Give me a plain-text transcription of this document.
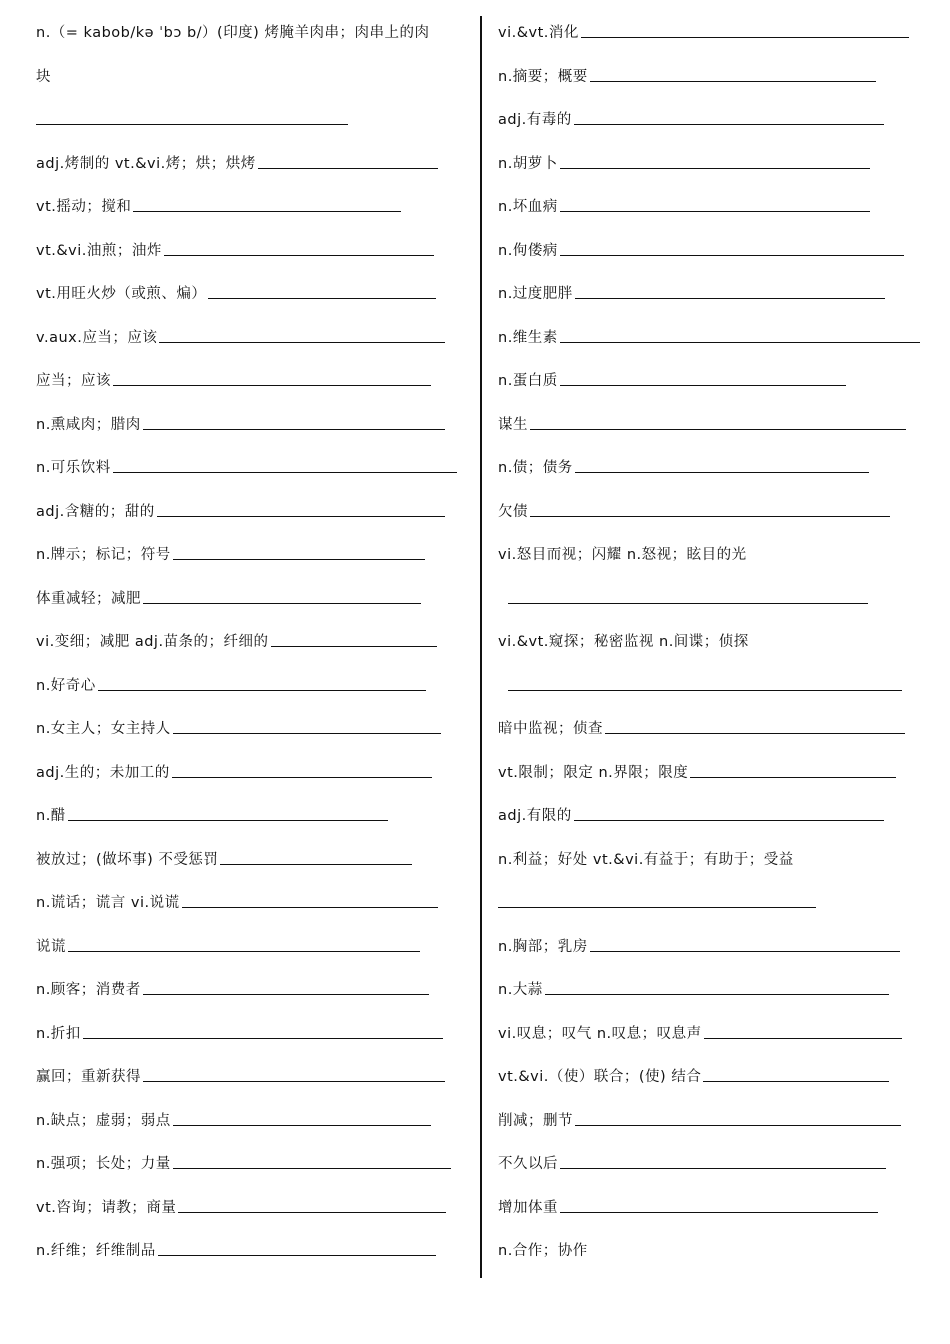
n.（= kabob/kə ˈbɔ b/）(印度) 烤腌羊肉串；肉串上的肉
块
adj.烤制的 vt.&vi.烤；烘；烘烤
vt.摇动；搅和
vt.&vi.油煎；油炸
vt.用旺火炒（或煎、煸）
v.aux.应当；应该
应当；应该
n.熏咸肉；腊肉
n.可乐饮料
adj.含糖的；甜的
n.牌示；标记；符号
体重减轻；减肥
vi.变细；减肥 adj.苗条的；纤细的
n.好奇心
n.女主人；女主持人
adj.生的；未加工的
n.醋
被放过；(做坏事) 不受惩罚
n.谎话；谎言 vi.说谎
说谎
n.顾客；消费者
n.折扣
赢回；重新获得
n.缺点；虚弱；弱点
n.强项；长处；力量
vt.咨询；请教；商量
n.纤维；纤维制品
vi.&vt.消化
n.摘要；概要
adj.有毒的
n.胡萝卜
n.坏血病
n.佝偻病
n.过度肥胖
n.维生素
n.蛋白质
谋生
n.债；债务
欠债
vi.怒目而视；闪耀 n.怒视；眩目的光
vi.&vt.窥探；秘密监视 n.间谍；侦探
暗中监视；侦查
vt.限制；限定 n.界限；限度
adj.有限的
n.利益；好处 vt.&vi.有益于；有助于；受益
n.胸部；乳房
n.大蒜
vi.叹息；叹气 n.叹息；叹息声
vt.&vi.（使）联合；(使) 结合
削减；删节
不久以后
增加体重
n.合作；协作
